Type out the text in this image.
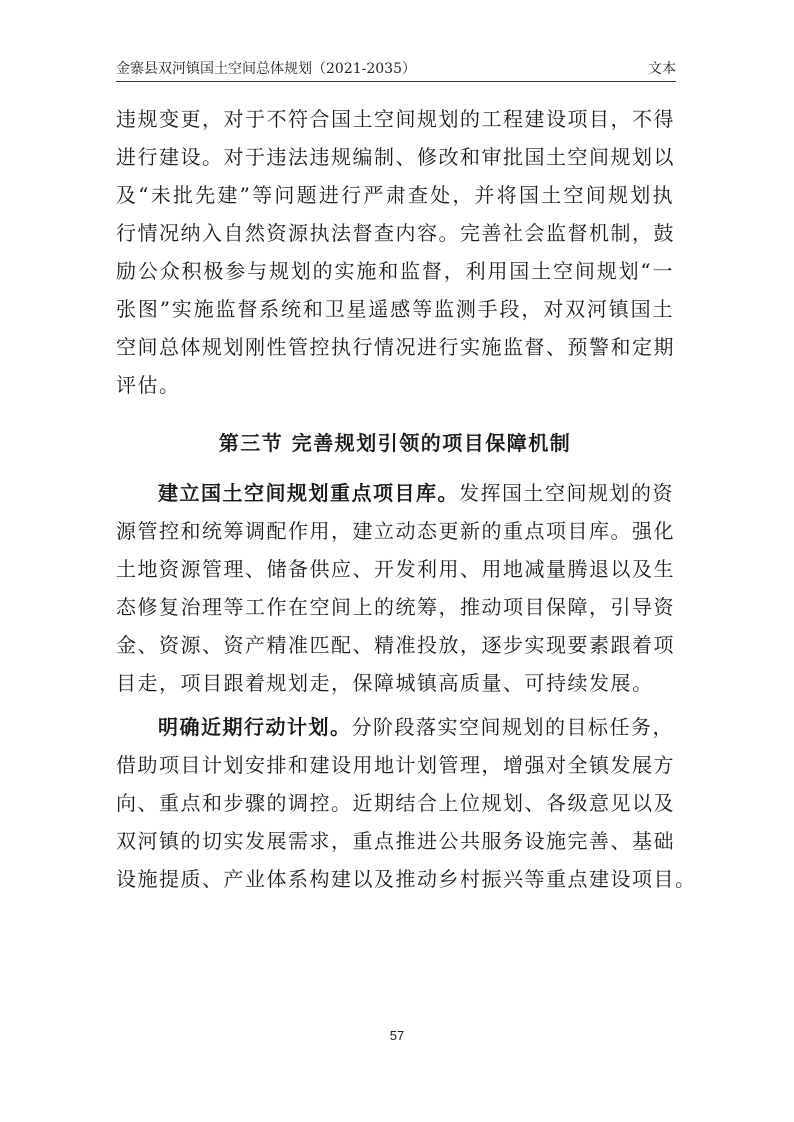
金寨县双河镇国土空间总体规划（2021-2035）	文本
违规变更，对于不符合国土空间规划的工程建设项目，不得
进行建设。对于违法违规编制、修改和审批国土空间规划以
及“未批先建”等问题进行严肃查处，并将国土空间规划执
行情况纳入自然资源执法督查内容。完善社会监督机制，鼓
励公众积极参与规划的实施和监督，利用国土空间规划“一
张图”实施监督系统和卫星遥感等监测手段，对双河镇国土
空间总体规划刚性管控执行情况进行实施监督、预警和定期
评估。
第三节 完善规划引领的项目保障机制
建立国土空间规划重点项目库。发挥国土空间规划的资
源管控和统筹调配作用，建立动态更新的重点项目库。强化
土地资源管理、储备供应、开发利用、用地减量腾退以及生
态修复治理等工作在空间上的统筹，推动项目保障，引导资
金、资源、资产精准匹配、精准投放，逐步实现要素跟着项
目走，项目跟着规划走，保障城镇高质量、可持续发展。
明确近期行动计划。分阶段落实空间规划的目标任务，
借助项目计划安排和建设用地计划管理，增强对全镇发展方
向、重点和步骤的调控。近期结合上位规划、各级意见以及
双河镇的切实发展需求，重点推进公共服务设施完善、基础
设施提质、产业体系构建以及推动乡村振兴等重点建设项目。
57
